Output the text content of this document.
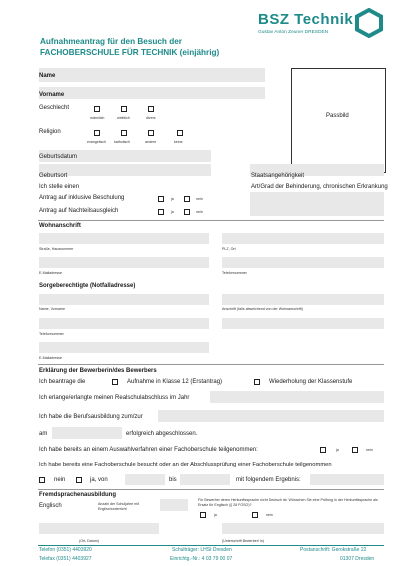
Aufnahmeantrag für den Besuch der
FACHOBERSCHULE FÜR TECHNIK (einjährig)
BSZ Technik
Gustav Anton Zeuner DRESDEN
Passbild
Name
Vorname
Geschlecht
männlich	weiblich	divers
Religion
evangelisch katholisch	andere	keine
Geburtsdatum
Geburtsort	Staatsangehörigkeit
Ich stelle einen	Art/Grad der Behinderung, chronischen Erkrankung
Antrag auf inklusive Beschulung	ja	nein
Antrag auf Nachteilsausgleich	ja	nein
Wohnanschrift
Straße, Hausnummer	PLZ, Ort
E-Mailadresse	Telefonnummer
Sorgeberechtigte (Notfalladresse)
Name, Vorname	Anschrift (falls abweichend von der Wohnanschrift)
Telefonnummer
E-Mailadresse
Erklärung der Bewerberin/des Bewerbers
Ich beantrage die	Aufnahme in Klasse 12 (Erstantrag)	Wiederholung der Klassenstufe
Ich erlange/erlangte meinen Realschulabschluss im Jahr
Ich habe die Berufsausbildung zum/zur
am	erfolgreich abgeschlossen.
Ich habe bereits an einem Auswahlverfahren einer Fachoberschule teilgenommen:	ja	nein
Ich habe bereits eine Fachoberschule besucht oder an der Abschlussprüfung einer Fachoberschule teilgenommen
nein	ja, von	bis	mit folgendem Ergebnis:
Fremdsprachenausbildung
Englisch	Anzahl der Schuljahre mit Englischunterricht
Für Bewerber deren Herkunftssprache nicht Deutsch ist: Wünschen Sie eine Prüfung in der Herkunftssprache als Ersatz für Englisch (§ 28 FOSO)?
ja	nein
(Ort, Datum)	(Unterschrift Bewerber/ in)
Telefon (0351) 4403920
Telefax (0351) 4403927
Schulträger: LHSt Dresden
Einrichtg.-Nr.: 4 03 79 00 07
Postanschrift: Gerokstraße 22
01307 Dresden
